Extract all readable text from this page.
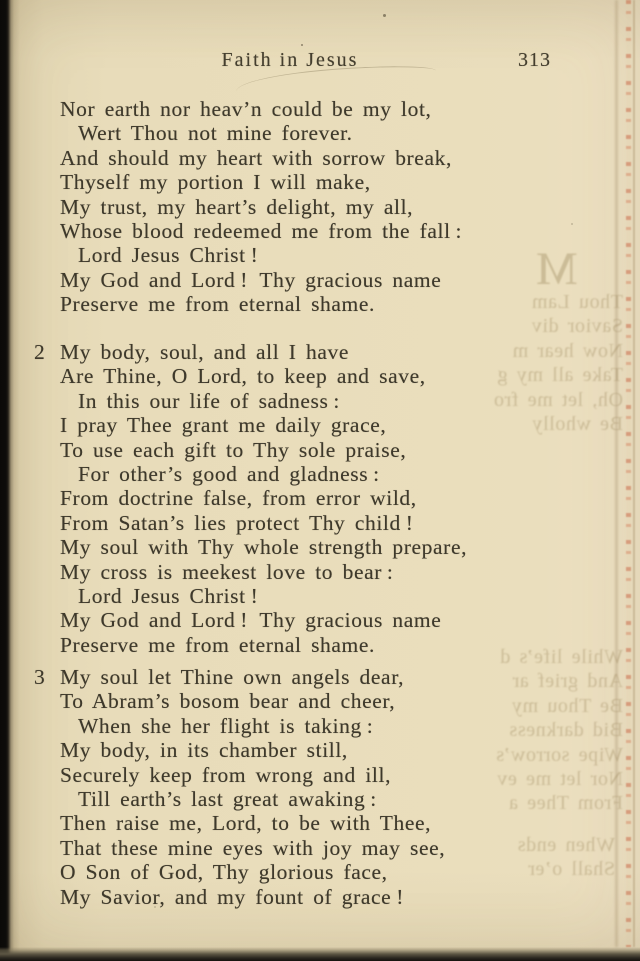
M
Thou Lam
Savior div
Now hear m
Take all my g
Oh, let me fro
Be wholly
While life’s d
And grief ar
Be Thou my
Bid darkness
Wipe sorrow’s
Nor let me ev
From Thee a
When ends
Shall o’er
Faith in Jesus	313
Nor earth nor heav’n could be my lot,
Wert Thou not mine forever.
And should my heart with sorrow break,
Thyself my portion I will make,
My trust, my heart’s delight, my all,
Whose blood redeemed me from the fall :
Lord Jesus Christ !
My God and Lord ! Thy gracious name
Preserve me from eternal shame.
2 My body, soul, and all I have
Are Thine, O Lord, to keep and save,
In this our life of sadness :
I pray Thee grant me daily grace,
To use each gift to Thy sole praise,
For other’s good and gladness :
From doctrine false, from error wild,
From Satan’s lies protect Thy child !
My soul with Thy whole strength prepare,
My cross is meekest love to bear :
Lord Jesus Christ !
My God and Lord ! Thy gracious name
Preserve me from eternal shame.
3 My soul let Thine own angels dear,
To Abram’s bosom bear and cheer,
When she her flight is taking :
My body, in its chamber still,
Securely keep from wrong and ill,
Till earth’s last great awaking :
Then raise me, Lord, to be with Thee,
That these mine eyes with joy may see,
O Son of God, Thy glorious face,
My Savior, and my fount of grace !
